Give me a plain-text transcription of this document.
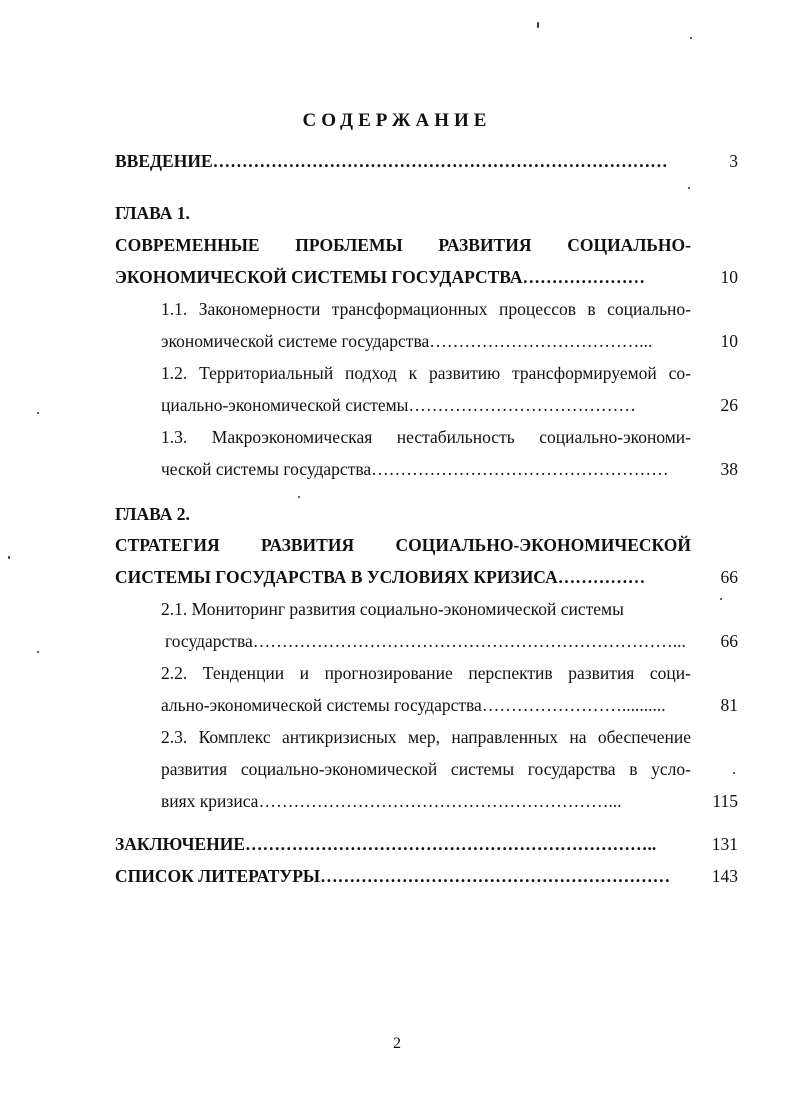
СОДЕРЖАНИЕ
ВВЕДЕНИЕ……………………………………………………………………	3
ГЛАВА 1.
СОВРЕМЕННЫЕ ПРОБЛЕМЫ РАЗВИТИЯ СОЦИАЛЬНО-
ЭКОНОМИЧЕСКОЙ СИСТЕМЫ ГОСУДАРСТВА…………………	10
1.1. Закономерности трансформационных процессов в социально-
экономической системе государства………………………………...	10
1.2. Территориальный подход к развитию трансформируемой со-
циально-экономической системы…………………………………	26
1.3. Макроэкономическая нестабильность социально-экономи-
ческой системы государства……………………………………………	38
ГЛАВА 2.
СТРАТЕГИЯ РАЗВИТИЯ СОЦИАЛЬНО-ЭКОНОМИЧЕСКОЙ
СИСТЕМЫ ГОСУДАРСТВА В УСЛОВИЯХ КРИЗИСА……………	66
2.1. Мониторинг развития социально-экономической системы
государства………………………………………………………………... 66
2.2. Тенденции и прогнозирование перспектив развития соци-
ально-экономической системы государства……………………..........	81
2.3. Комплекс антикризисных мер, направленных на обеспечение
развития социально-экономической системы государства в усло-
виях кризиса……………………………………………………...	115
ЗАКЛЮЧЕНИЕ……………………………………………………………..	131
СПИСОК ЛИТЕРАТУРЫ……………………………………………………	143
2
